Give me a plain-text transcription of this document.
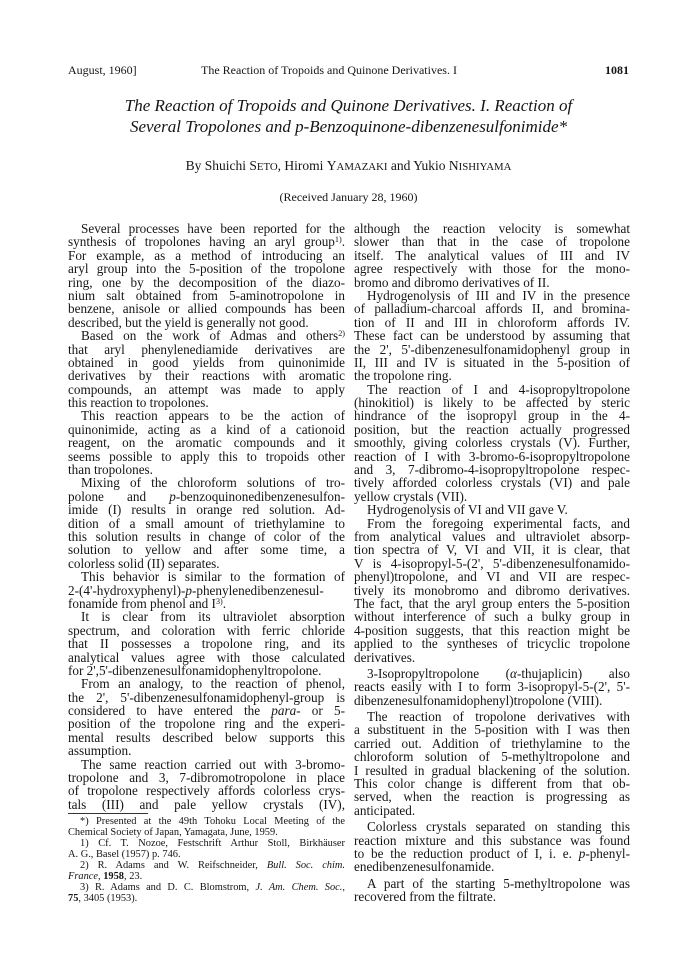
August, 1960]	The Reaction of Tropoids and Quinone Derivatives. I	1081
The Reaction of Tropoids and Quinone Derivatives. I. Reaction of
Several Tropolones and p-Benzoquinone-dibenzenesulfonimide*
By Shuichi SETO, Hiromi YAMAZAKI and Yukio NISHIYAMA
(Received January 28, 1960)
Several processes have been reported for the
synthesis of tropolones having an aryl group$^{1)}$.
For example, as a method of introducing an
aryl group into the 5-position of the tropolone
ring, one by the decomposition of the diazo-
nium salt obtained from 5-aminotropolone in
benzene, anisole or allied compounds has been
described, but the yield is generally not good.
Based on the work of Admas and others$^{2)}$
that aryl phenylenediamide derivatives are
obtained in good yields from quinonimide
derivatives by their reactions with aromatic
compounds, an attempt was made to apply
this reaction to tropolones.
This reaction appears to be the action of
quinonimide, acting as a kind of a cationoid
reagent, on the aromatic compounds and it
seems possible to apply this to tropoids other
than tropolones.
Mixing of the chloroform solutions of tro-
polone and p-benzoquinonedibenzenesulfon-
imide (I) results in orange red solution. Ad-
dition of a small amount of triethylamine to
this solution results in change of color of the
solution to yellow and after some time, a
colorless solid (II) separates.
This behavior is similar to the formation of
2-(4'-hydroxyphenyl)-p-phenylenedibenzenesul-
fonamide from phenol and $I^{3)}$.
It is clear from its ultraviolet absorption
spectrum, and coloration with ferric chloride
that II possesses a tropolone ring, and its
analytical values agree with those calculated
for 2',5'-dibenzenesulfonamidophenyltropolone.
From an analogy, to the reaction of phenol,
the 2', 5'-dibenzenesulfonamidophenyl-group is
considered to have entered the para- or 5-
position of the tropolone ring and the experi-
mental results described below supports this
assumption.
The same reaction carried out with 3-bromo-
tropolone and 3, 7-dibromotropolone in place
of tropolone respectively affords colorless crys-
tals (III) and pale yellow crystals (IV),
*) Presented at the 49th Tohoku Local Meeting of the
Chemical Society of Japan, Yamagata, June, 1959.
1) Cf. T. Nozoe, Festschrift Arthur Stoll, Birkhäuser
A. G., Basel (1957) p. 746.
2) R. Adams and W. Reifschneider, Bull. Soc. chim.
France, 1958, 23.
3) R. Adams and D. C. Blomstrom, J. Am. Chem. Soc.,
75, 3405 (1953).
although the reaction velocity is somewhat
slower than that in the case of tropolone
itself. The analytical values of III and IV
agree respectively with those for the mono-
bromo and dibromo derivatives of II.
Hydrogenolysis of III and IV in the presence
of palladium-charcoal affords II, and bromina-
tion of II and III in chloroform affords IV.
These fact can be understood by assuming that
the 2', 5'-dibenzenesulfonamidophenyl group in
II, III and IV is situated in the 5-position of
the tropolone ring.
The reaction of I and 4-isopropyltropolone
(hinokitiol) is likely to be affected by steric
hindrance of the isopropyl group in the 4-
position, but the reaction actually progressed
smoothly, giving colorless crystals (V). Further,
reaction of I with 3-bromo-6-isopropyltropolone
and 3, 7-dibromo-4-isopropyltropolone respec-
tively afforded colorless crystals (VI) and pale
yellow crystals (VII).
Hydrogenolysis of VI and VII gave V.
From the foregoing experimental facts, and
from analytical values and ultraviolet absorp-
tion spectra of V, VI and VII, it is clear, that
V is 4-isopropyl-5-(2', 5'-dibenzenesulfonamido-
phenyl)tropolone, and VI and VII are respec-
tively its monobromo and dibromo derivatives.
The fact, that the aryl group enters the 5-position
without interference of such a bulky group in
4-position suggests, that this reaction might be
applied to the syntheses of tricyclic tropolone
derivatives.
3-Isopropyltropolone (α-thujaplicin) also
reacts easily with I to form 3-isopropyl-5-(2', 5'-
dibenzenesulfonamidophenyl)tropolone (VIII).
The reaction of tropolone derivatives with
a substituent in the 5-position with I was then
carried out. Addition of triethylamine to the
chloroform solution of 5-methyltropolone and
I resulted in gradual blackening of the solution.
This color change is different from that ob-
served, when the reaction is progressing as
anticipated.
Colorless crystals separated on standing this
reaction mixture and this substance was found
to be the reduction product of I, i. e. p-phenyl-
enedibenzenesulfonamide.
A part of the starting 5-methyltropolone was
recovered from the filtrate.
